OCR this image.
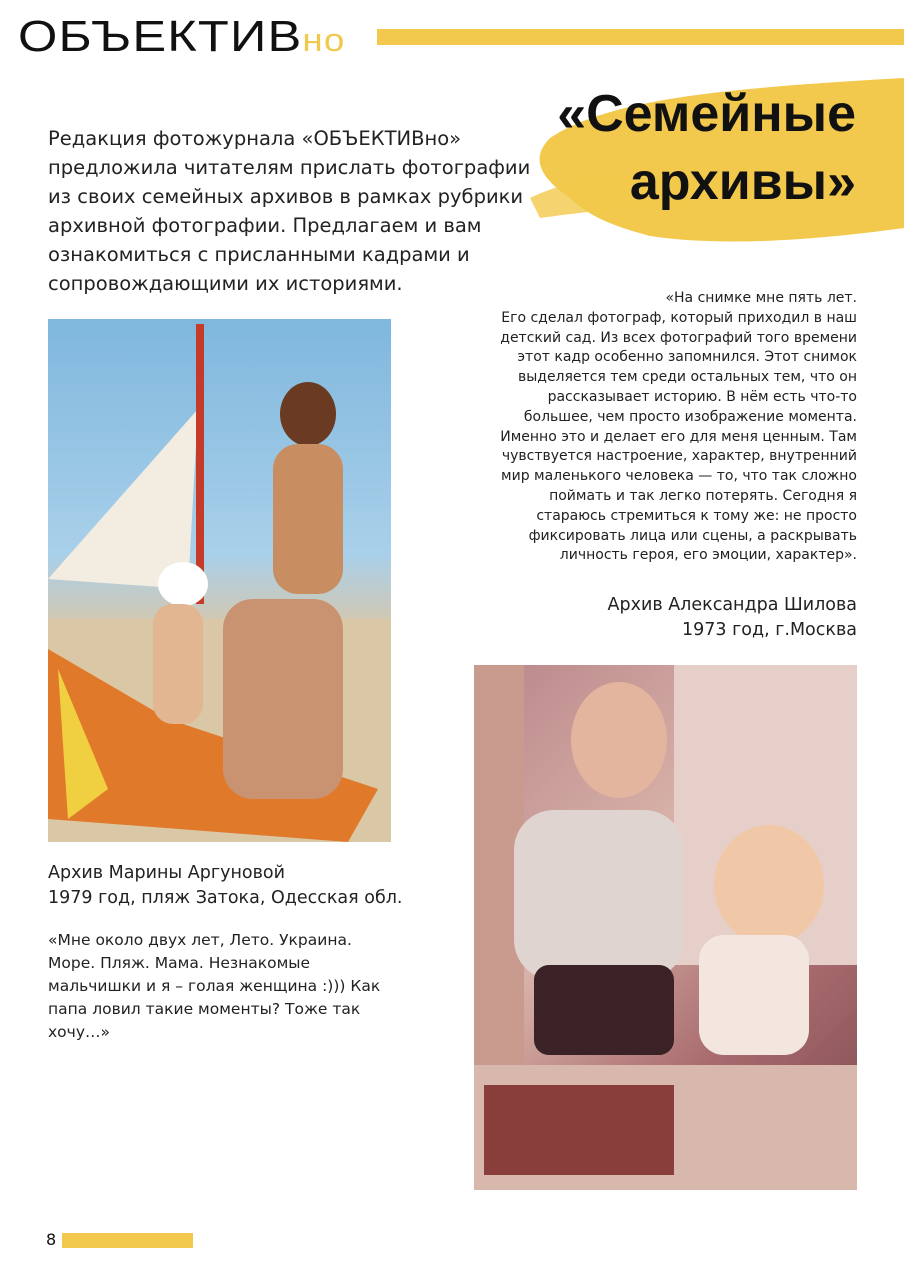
ОБЪЕКТИВно
«Семейные
архивы»
Редакция фотожурнала «ОБЪЕКТИВно» предложила читателям прислать фотографии из своих семейных архивов в рамках рубрики архивной фотографии. Предлагаем и вам ознакомиться с присланными кадрами и сопровождающими их историями.
«На снимке мне пять лет.
Его сделал фотограф, который приходил в наш
детский сад. Из всех фотографий того времени
этот кадр особенно запомнился. Этот снимок
выделяется тем среди остальных тем, что он
рассказывает историю. В нём есть что-то
большее, чем просто изображение момента.
Именно это и делает его для меня ценным. Там
чувствуется настроение, характер, внутренний
мир маленького человека — то, что так сложно
поймать и так легко потерять. Сегодня я
стараюсь стремиться к тому же: не просто
фиксировать лица или сцены, а раскрывать
личность героя, его эмоции, характер».
Архив Александра Шилова
1973 год, г.Москва
Архив Марины Аргуновой
1979 год, пляж Затока, Одесская обл.
«Мне около двух лет, Лето. Украина. Море. Пляж. Мама. Незнакомые мальчишки и я – голая женщина :))) Как папа ловил такие моменты? Тоже так хочу…»
8
